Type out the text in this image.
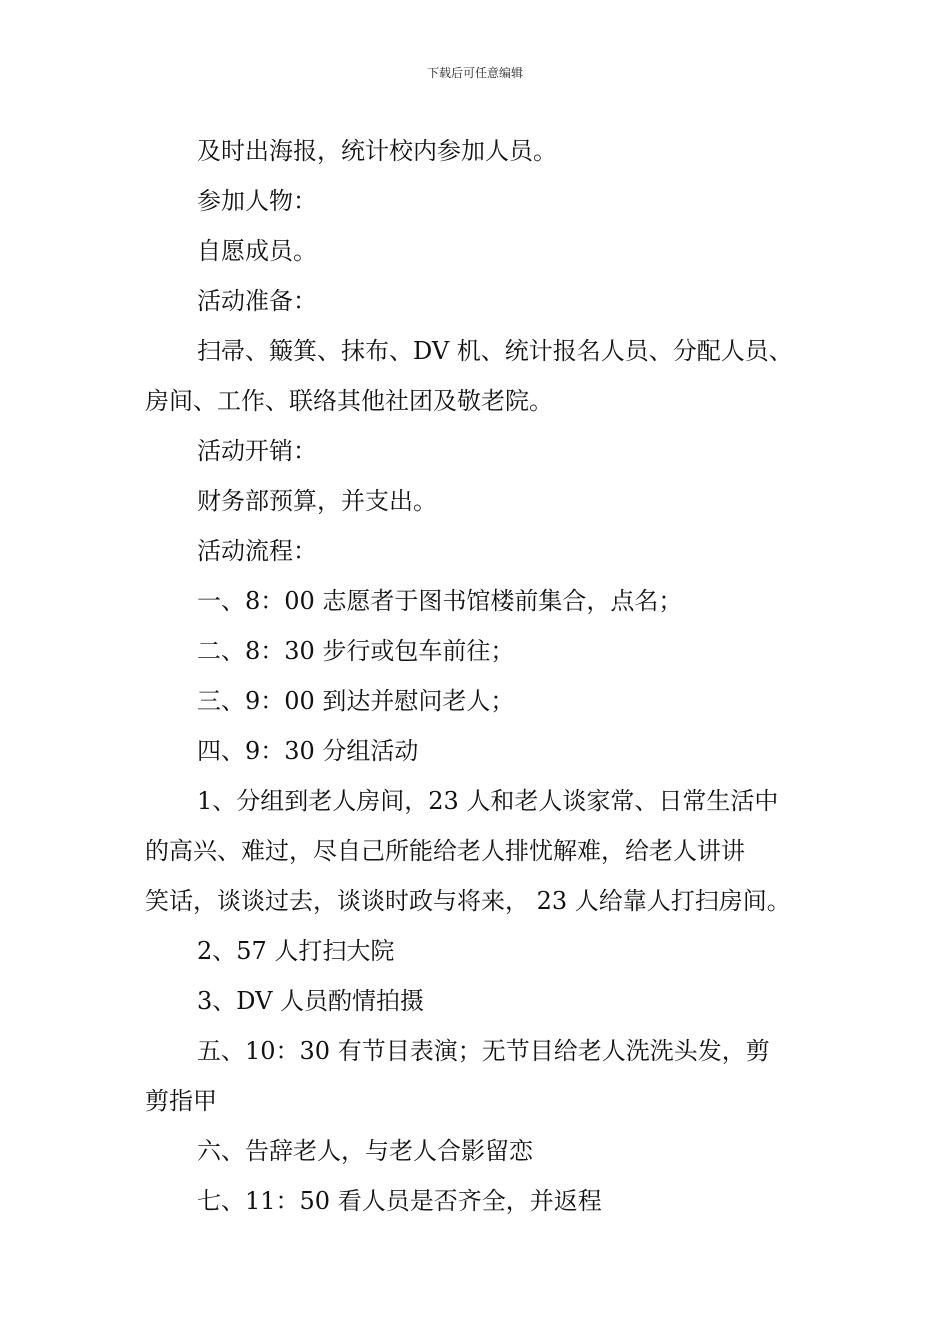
下载后可任意编辑

及时出海报，统计校内参加人员。

参加人物：

自愿成员。

活动准备：

扫帚、簸箕、抹布、DV 机、统计报名人员、分配人员、

房间、工作、联络其他社团及敬老院。

活动开销：

财务部预算，并支出。

活动流程：

一、8：00 志愿者于图书馆楼前集合，点名；

二、8：30 步行或包车前往；

三、9：00 到达并慰问老人；

四、9：30 分组活动

1、分组到老人房间，23 人和老人谈家常、日常生活中

的高兴、难过，尽自己所能给老人排忧解难，给老人讲讲

笑话，谈谈过去，谈谈时政与将来， 23 人给靠人打扫房间。

2、57 人打扫大院

3、DV 人员酌情拍摄

五、10：30 有节目表演；无节目给老人洗洗头发，剪

剪指甲

六、告辞老人，与老人合影留恋

七、11：50 看人员是否齐全，并返程
